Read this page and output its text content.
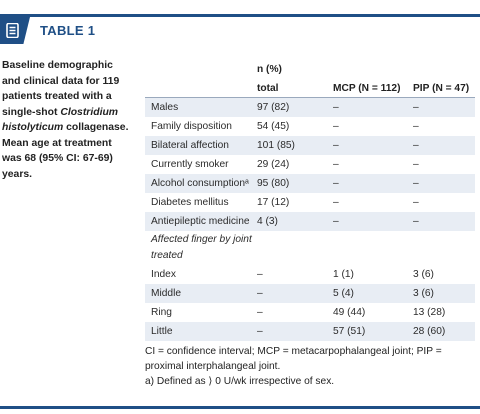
TABLE 1
Baseline demographic and clinical data for 119 patients treated with a single-shot Clostridium histolyticum collagenase. Mean age at treatment was 68 (95% CI: 67-69) years.
n (%)
total	MCP (N = 112) PIP (N = 47)
Males	97 (82)	–	–
Family disposition 54 (45)	–	–
Bilateral affection	101 (85)	–	–
Currently smoker	29 (24)	–	–
Alcohol consumptionᵃ 95 (80)	–	–
Diabetes mellitus	17 (12)	–	–
Antiepileptic medicine 4 (3)	–	–
Affected finger by joint treated
Index	–	1 (1)	3 (6)
Middle	–	5 (4)	3 (6)
Ring	–	49 (44)	13 (28)
Little	–	57 (51)	28 (60)
CI = confidence interval; MCP = metacarpophalangeal joint; PIP = proximal interphalangeal joint.
a) Defined as ⟩ 0 U/wk irrespective of sex.
